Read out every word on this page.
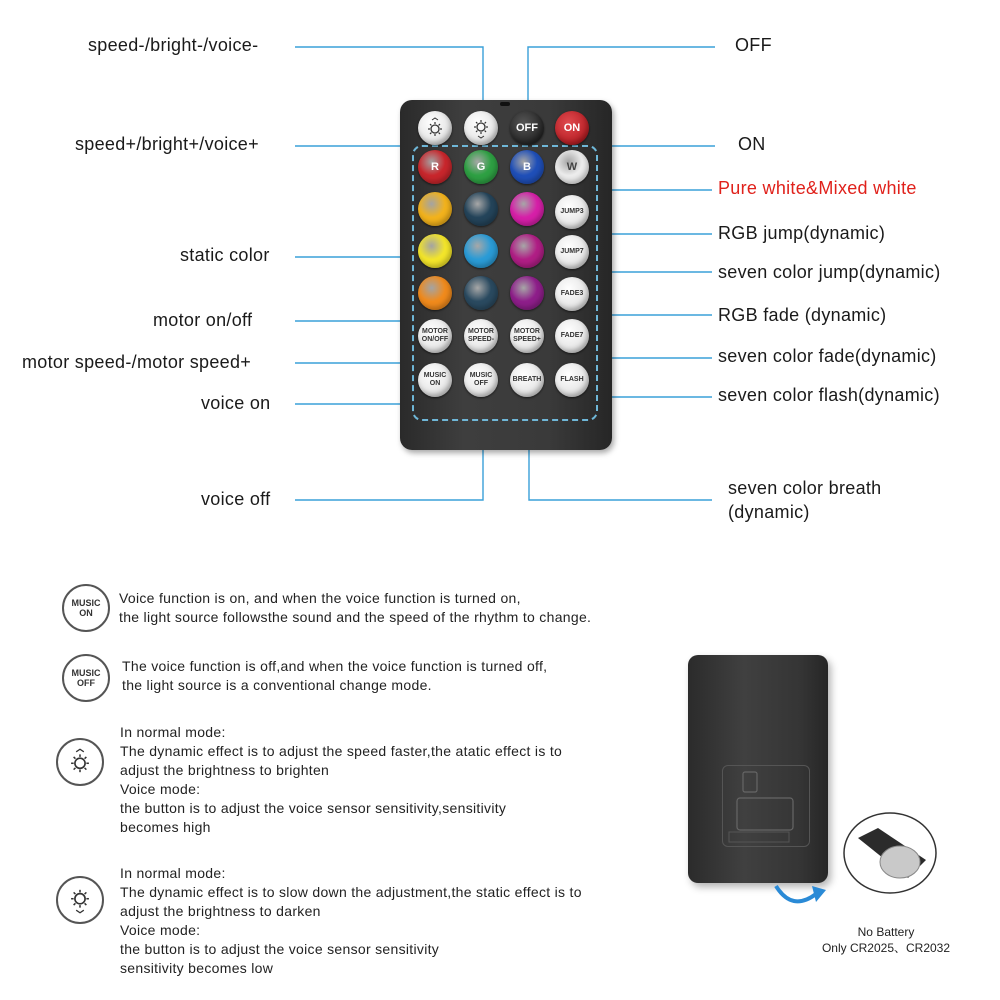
speed-/bright-/voice-
speed+/bright+/voice+
static color
motor on/off
motor speed-/motor speed+
voice on
voice off
OFF
ON
Pure white&Mixed white
RGB jump(dynamic)
seven color jump(dynamic)
RGB fade (dynamic)
seven color fade(dynamic)
seven color flash(dynamic)
seven color breath
(dynamic)
OFF ON
JUMP3
JUMP7
FADE3
MOTOR ON/OFF
MOTOR SPEED-
MOTOR SPEED+
FADE7
MUSIC ON
MUSIC OFF
BREATH	FLASH
R	G	B	W
MUSIC ON
Voice function is on, and when the voice function is turned on,
the light source followsthe sound and the speed of the rhythm to change.
MUSIC OFF
The voice function is off,and when the voice function is turned off,
the light source is a conventional change mode.
In normal mode:
The dynamic effect is to adjust the speed faster,the atatic effect is to
adjust the brightness to brighten
Voice mode:
the button is to adjust the voice sensor sensitivity,sensitivity
becomes high
In normal mode:
The dynamic effect is to slow down the adjustment,the static effect is to
adjust the brightness to darken
Voice mode:
the button is to adjust the voice sensor sensitivity
sensitivity becomes low
No Battery
Only CR2025、CR2032
